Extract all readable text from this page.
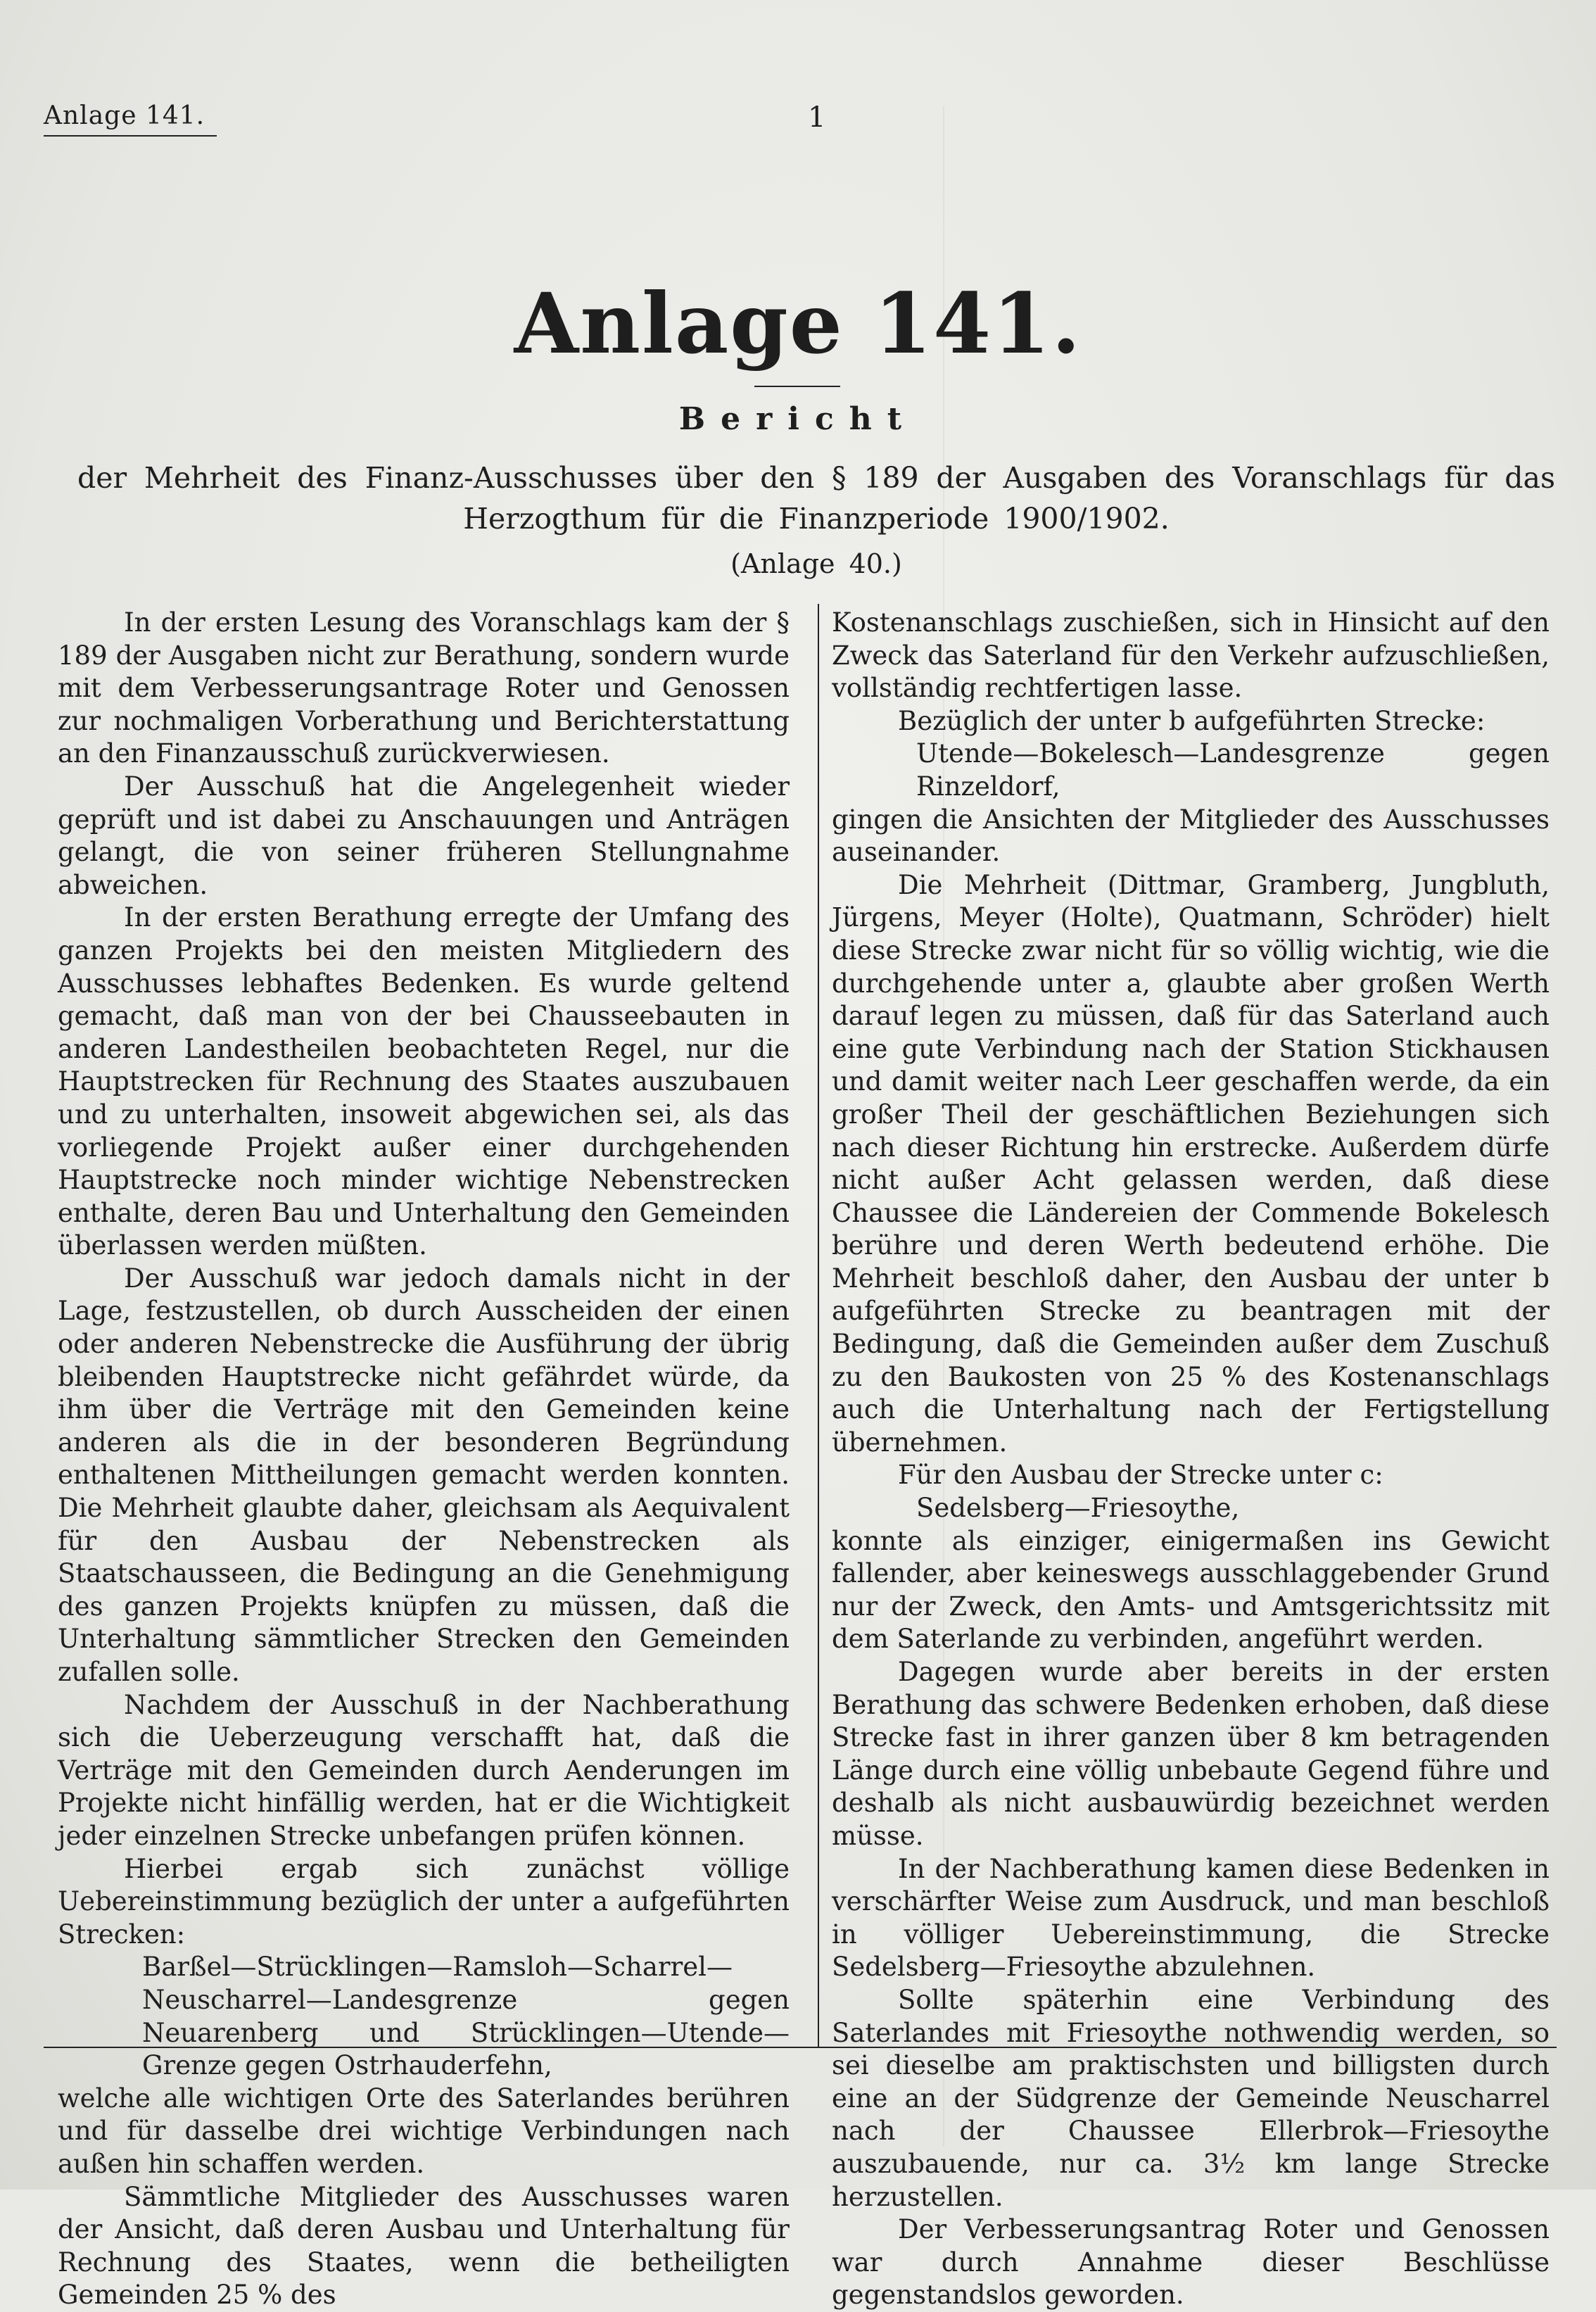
Anlage 141.	1
Anlage 141.
Bericht
der Mehrheit des Finanz-Ausschusses über den § 189 der Ausgaben des Voranschlags für das
Herzogthum für die Finanzperiode 1900/1902.
(Anlage 40.)

In der ersten Lesung des Voranschlags kam der § 189 der Ausgaben nicht zur Berathung, sondern wurde mit dem Verbesserungsantrage Roter und Genossen zur nochmaligen Vorberathung und Berichterstattung an den Finanzausschuß zurückverwiesen.

Der Ausschuß hat die Angelegenheit wieder geprüft und ist dabei zu Anschauungen und Anträgen gelangt, die von seiner früheren Stellungnahme abweichen.

In der ersten Berathung erregte der Umfang des ganzen Projekts bei den meisten Mitgliedern des Ausschusses lebhaftes Bedenken. Es wurde geltend gemacht, daß man von der bei Chausseebauten in anderen Landestheilen beobachteten Regel, nur die Hauptstrecken für Rechnung des Staates auszubauen und zu unterhalten, insoweit abgewichen sei, als das vorliegende Projekt außer einer durchgehenden Hauptstrecke noch minder wichtige Nebenstrecken enthalte, deren Bau und Unterhaltung den Gemeinden überlassen werden müßten.

Der Ausschuß war jedoch damals nicht in der Lage, festzustellen, ob durch Ausscheiden der einen oder anderen Nebenstrecke die Ausführung der übrig bleibenden Hauptstrecke nicht gefährdet würde, da ihm über die Verträge mit den Gemeinden keine anderen als die in der besonderen Begründung enthaltenen Mittheilungen gemacht werden konnten. Die Mehrheit glaubte daher, gleichsam als Aequivalent für den Ausbau der Nebenstrecken als Staatschausseen, die Bedingung an die Genehmigung des ganzen Projekts knüpfen zu müssen, daß die Unterhaltung sämmtlicher Strecken den Gemeinden zufallen solle.

Nachdem der Ausschuß in der Nachberathung sich die Ueberzeugung verschafft hat, daß die Verträge mit den Gemeinden durch Aenderungen im Projekte nicht hinfällig werden, hat er die Wichtigkeit jeder einzelnen Strecke unbefangen prüfen können.

Hierbei ergab sich zunächst völlige Uebereinstimmung bezüglich der unter a aufgeführten Strecken:

Barßel—Strücklingen—Ramsloh—Scharrel—Neuscharrel—Landesgrenze gegen Neuarenberg und Strücklingen—Utende—Grenze gegen Ostrhauderfehn,

welche alle wichtigen Orte des Saterlandes berühren und für dasselbe drei wichtige Verbindungen nach außen hin schaffen werden.

Sämmtliche Mitglieder des Ausschusses waren der Ansicht, daß deren Ausbau und Unterhaltung für Rechnung des Staates, wenn die betheiligten Gemeinden 25 % des

Kostenanschlags zuschießen, sich in Hinsicht auf den Zweck das Saterland für den Verkehr aufzuschließen, vollständig rechtfertigen lasse.

Bezüglich der unter b aufgeführten Strecke:

Utende—Bokelesch—Landesgrenze gegen Rinzeldorf,

gingen die Ansichten der Mitglieder des Ausschusses auseinander.

Die Mehrheit (Dittmar, Gramberg, Jungbluth, Jürgens, Meyer (Holte), Quatmann, Schröder) hielt diese Strecke zwar nicht für so völlig wichtig, wie die durchgehende unter a, glaubte aber großen Werth darauf legen zu müssen, daß für das Saterland auch eine gute Verbindung nach der Station Stickhausen und damit weiter nach Leer geschaffen werde, da ein großer Theil der geschäftlichen Beziehungen sich nach dieser Richtung hin erstrecke. Außerdem dürfe nicht außer Acht gelassen werden, daß diese Chaussee die Ländereien der Commende Bokelesch berühre und deren Werth bedeutend erhöhe. Die Mehrheit beschloß daher, den Ausbau der unter b aufgeführten Strecke zu beantragen mit der Bedingung, daß die Gemeinden außer dem Zuschuß zu den Baukosten von 25 % des Kostenanschlags auch die Unterhaltung nach der Fertigstellung übernehmen.

Für den Ausbau der Strecke unter c:

Sedelsberg—Friesoythe,

konnte als einziger, einigermaßen ins Gewicht fallender, aber keineswegs ausschlaggebender Grund nur der Zweck, den Amts- und Amtsgerichtssitz mit dem Saterlande zu verbinden, angeführt werden.

Dagegen wurde aber bereits in der ersten Berathung das schwere Bedenken erhoben, daß diese Strecke fast in ihrer ganzen über 8 km betragenden Länge durch eine völlig unbebaute Gegend führe und deshalb als nicht ausbauwürdig bezeichnet werden müsse.

In der Nachberathung kamen diese Bedenken in verschärfter Weise zum Ausdruck, und man beschloß in völliger Uebereinstimmung, die Strecke Sedelsberg—Friesoythe abzulehnen.

Sollte späterhin eine Verbindung des Saterlandes mit Friesoythe nothwendig werden, so sei dieselbe am praktischsten und billigsten durch eine an der Südgrenze der Gemeinde Neuscharrel nach der Chaussee Ellerbrok—Friesoythe auszubauende, nur ca. 3½ km lange Strecke herzustellen.

Der Verbesserungsantrag Roter und Genossen war durch Annahme dieser Beschlüsse gegenstandslos geworden.
